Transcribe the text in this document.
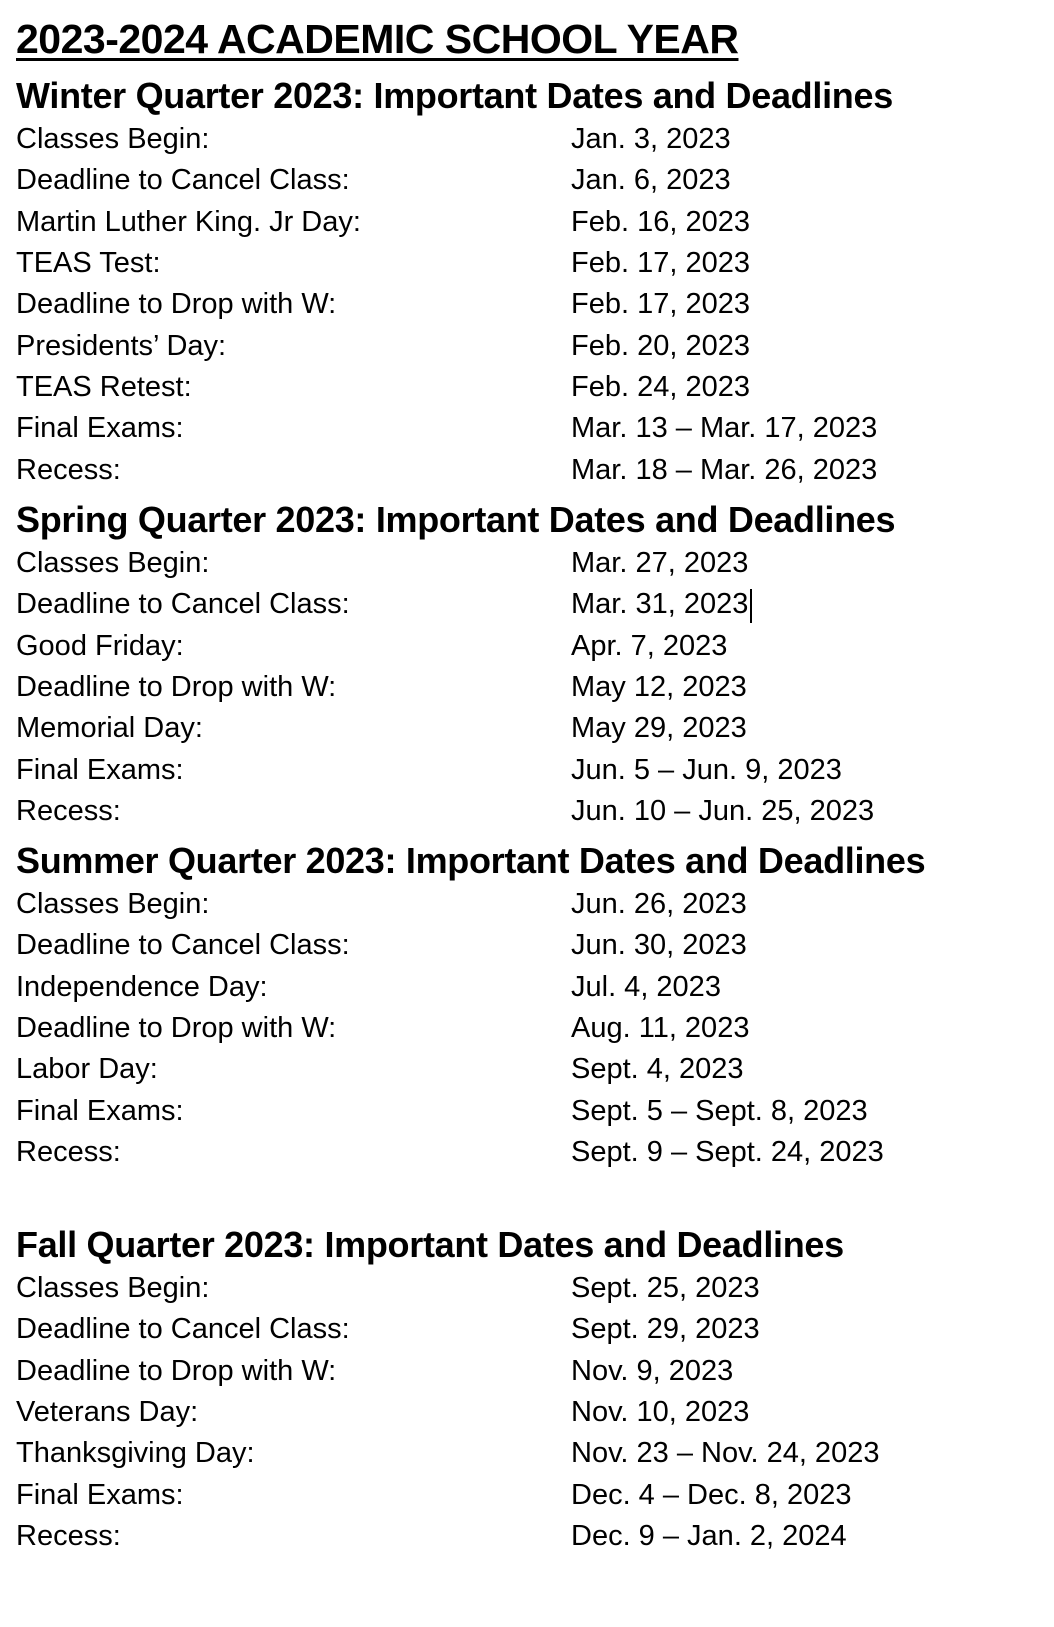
2023-2024 ACADEMIC SCHOOL YEAR
Winter Quarter 2023: Important Dates and Deadlines
Classes Begin:	Jan. 3, 2023
Deadline to Cancel Class:	Jan. 6, 2023
Martin Luther King. Jr Day:	Feb. 16, 2023
TEAS Test:	Feb. 17, 2023
Deadline to Drop with W:	Feb. 17, 2023
Presidents’ Day:	Feb. 20, 2023
TEAS Retest:	Feb. 24, 2023
Final Exams:	Mar. 13 – Mar. 17, 2023
Recess:	Mar. 18 – Mar. 26, 2023
Spring Quarter 2023: Important Dates and Deadlines
Classes Begin:	Mar. 27, 2023
Deadline to Cancel Class:	Mar. 31, 2023
Good Friday:	Apr. 7, 2023
Deadline to Drop with W:	May 12, 2023
Memorial Day:	May 29, 2023
Final Exams:	Jun. 5 – Jun. 9, 2023
Recess:	Jun. 10 – Jun. 25, 2023
Summer Quarter 2023: Important Dates and Deadlines
Classes Begin:	Jun. 26, 2023
Deadline to Cancel Class:	Jun. 30, 2023
Independence Day:	Jul. 4, 2023
Deadline to Drop with W:	Aug. 11, 2023
Labor Day:	Sept. 4, 2023
Final Exams:	Sept. 5 – Sept. 8, 2023
Recess:	Sept. 9 – Sept. 24, 2023
Fall Quarter 2023: Important Dates and Deadlines
Classes Begin:	Sept. 25, 2023
Deadline to Cancel Class:	Sept. 29, 2023
Deadline to Drop with W:	Nov. 9, 2023
Veterans Day:	Nov. 10, 2023
Thanksgiving Day:	Nov. 23 – Nov. 24, 2023
Final Exams:	Dec. 4 – Dec. 8, 2023
Recess:	Dec. 9 – Jan. 2, 2024
